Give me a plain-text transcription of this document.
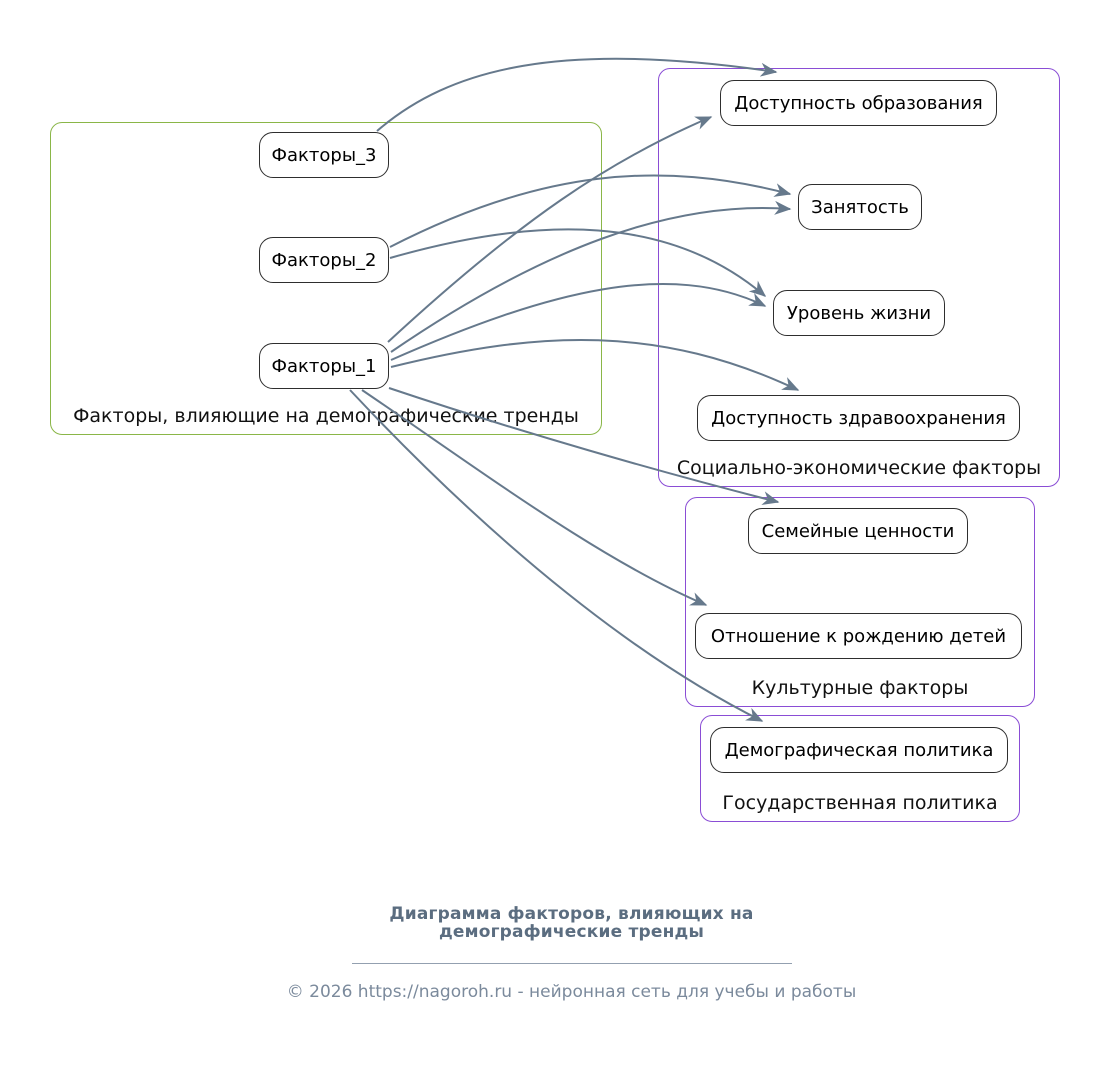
Факторы, влияющие на демографические тренды
Социально-экономические факторы
Культурные факторы
Государственная политика
Факторы_3
Факторы_2
Факторы_1
Доступность образования
Занятость
Уровень жизни
Доступность здравоохранения
Семейные ценности
Отношение к рождению детей
Демографическая политика
Диаграмма факторов, влияющих на
демографические тренды
© 2026 https://nagoroh.ru - нейронная сеть для учебы и работы
